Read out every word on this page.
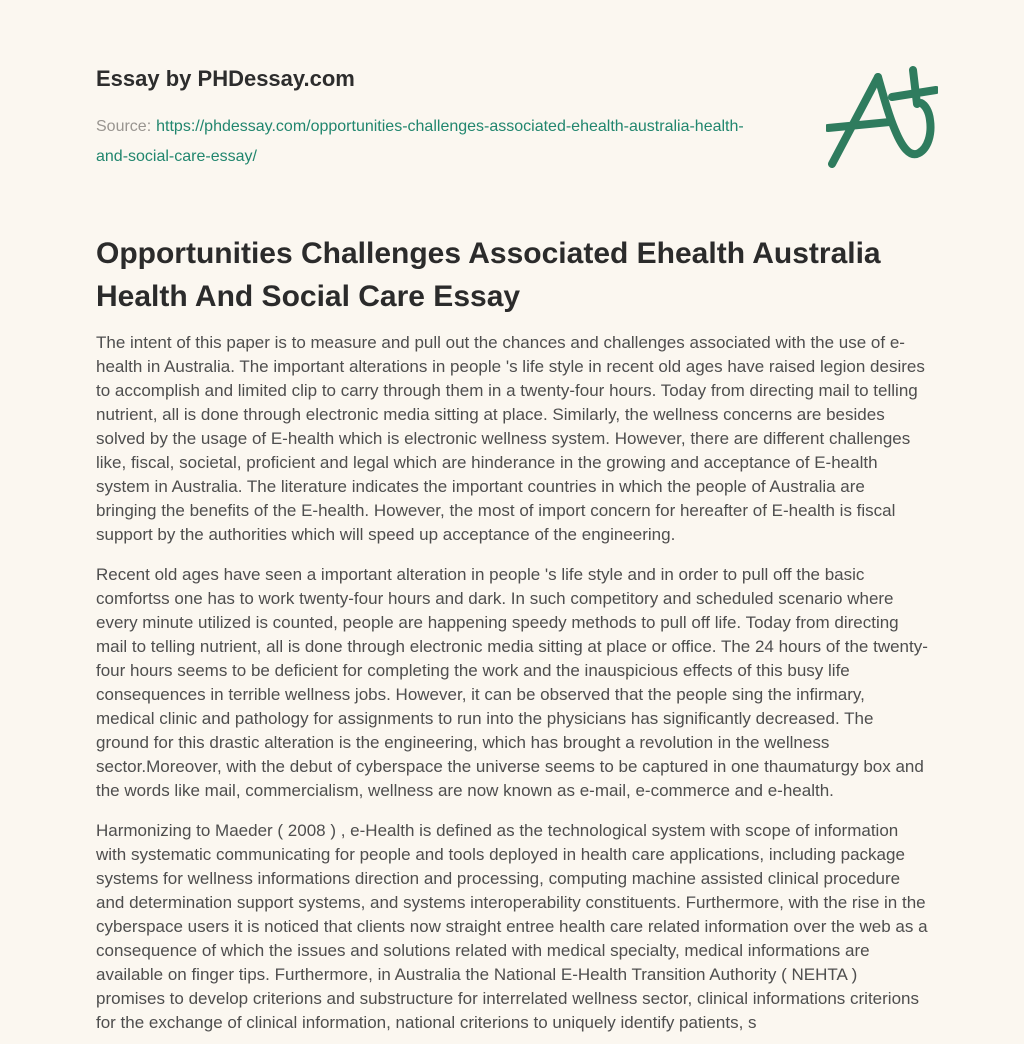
Essay by PHDessay.com

Source: https://phdessay.com/opportunities-challenges-associated-ehealth-australia-health-and-social-care-essay/

Opportunities Challenges Associated Ehealth Australia Health And Social Care Essay

The intent of this paper is to measure and pull out the chances and challenges associated with the use of e-health in Australia. The important alterations in people 's life style in recent old ages have raised legion desires to accomplish and limited clip to carry through them in a twenty-four hours. Today from directing mail to telling nutrient, all is done through electronic media sitting at place. Similarly, the wellness concerns are besides solved by the usage of E-health which is electronic wellness system. However, there are different challenges like, fiscal, societal, proficient and legal which are hinderance in the growing and acceptance of E-health system in Australia. The literature indicates the important countries in which the people of Australia are bringing the benefits of the E-health. However, the most of import concern for hereafter of E-health is fiscal support by the authorities which will speed up acceptance of the engineering.

Recent old ages have seen a important alteration in people 's life style and in order to pull off the basic comfortss one has to work twenty-four hours and dark. In such competitory and scheduled scenario where every minute utilized is counted, people are happening speedy methods to pull off life. Today from directing mail to telling nutrient, all is done through electronic media sitting at place or office. The 24 hours of the twenty-four hours seems to be deficient for completing the work and the inauspicious effects of this busy life consequences in terrible wellness jobs. However, it can be observed that the people sing the infirmary, medical clinic and pathology for assignments to run into the physicians has significantly decreased. The ground for this drastic alteration is the engineering, which has brought a revolution in the wellness sector.Moreover, with the debut of cyberspace the universe seems to be captured in one thaumaturgy box and the words like mail, commercialism, wellness are now known as e-mail, e-commerce and e-health.

Harmonizing to Maeder ( 2008 ) , e-Health is defined as the technological system with scope of information with systematic communicating for people and tools deployed in health care applications, including package systems for wellness informations direction and processing, computing machine assisted clinical procedure and determination support systems, and systems interoperability constituents. Furthermore, with the rise in the cyberspace users it is noticed that clients now straight entree health care related information over the web as a consequence of which the issues and solutions related with medical specialty, medical informations are available on finger tips. Furthermore, in Australia the National E-Health Transition Authority ( NEHTA ) promises to develop criterions and substructure for interrelated wellness sector, clinical informations criterions for the exchange of clinical information, national criterions to uniquely identify patients, s
